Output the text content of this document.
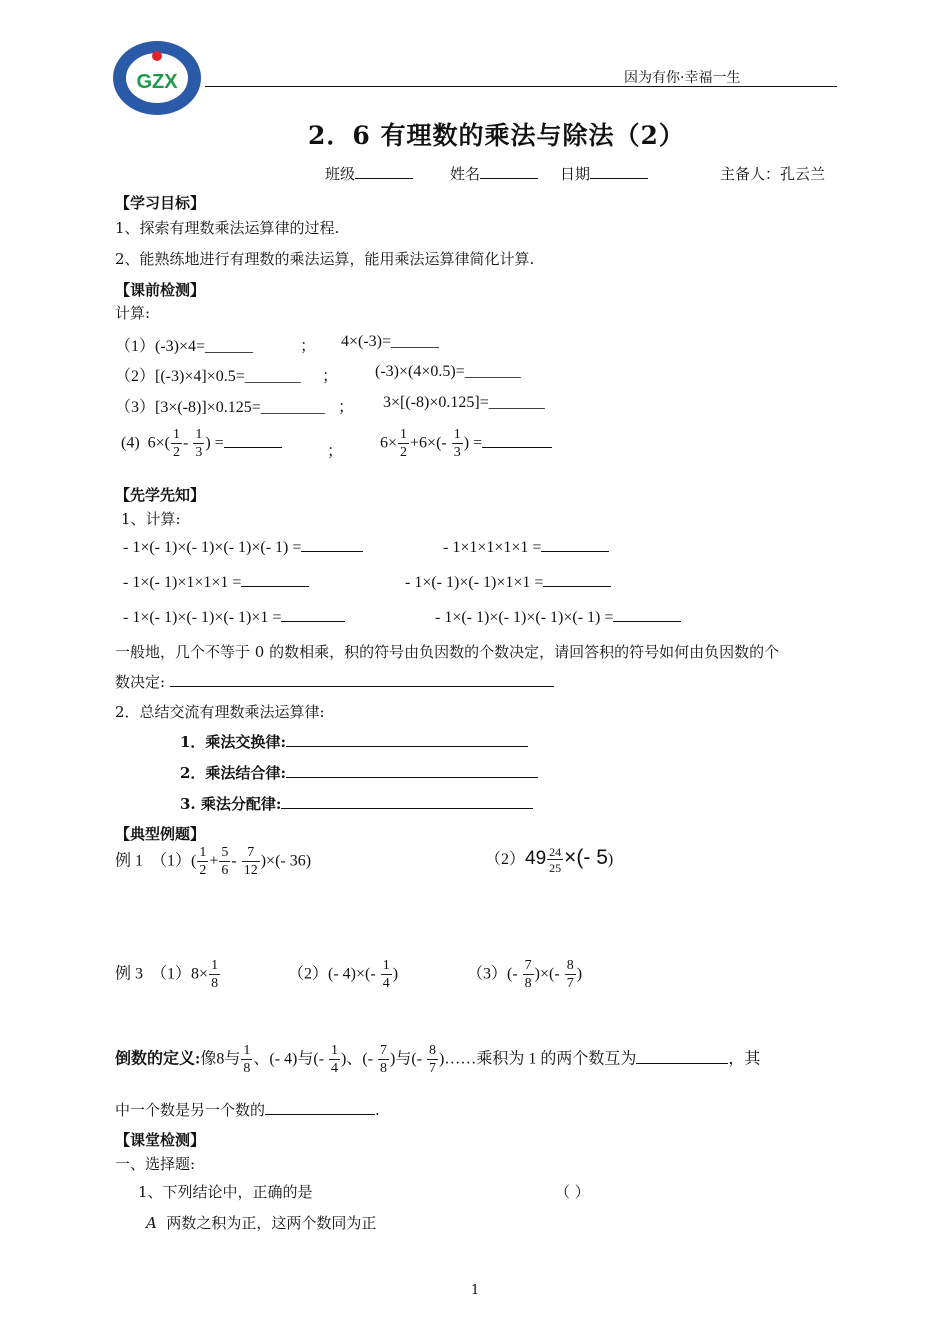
GZX	因为有你·幸福一生
2．6 有理数的乘法与除法（2）
班级	姓名	日期	主备人：孔云兰
【学习目标】
1、探索有理数乘法运算律的过程.
2、能熟练地进行有理数的乘法运算，能用乘法运算律简化计算.
【课前检测】
计算:
（1）(-3)×4=______	； 4×(-3)=______
（2）[(-3)×4]×0.5=_______ ； (-3)×(4×0.5)=_______
（3）[3×(-8)]×0.125=________ ； 3×[(-8)×0.125]=_______
(4)  $6\times( \frac{1}{2} - \frac{1}{3}$ ) =	； $6\times \frac{1}{2} +6\times(- \frac{1}{3}$ ) =
【先学先知】
1、计算:
- 1×(- 1)×(- 1)×(- 1)×(- 1) =	- 1×1×1×1×1 =
- 1×(- 1)×1×1×1 =	- 1×(- 1)×(- 1)×1×1 =
- 1×(- 1)×(- 1)×(- 1)×1 =	- 1×(- 1)×(- 1)×(- 1)×(- 1) =
一般地，几个不等于 0 的数相乘，积的符号由负因数的个数决定，请回答积的符号如何由负因数的个
数决定:
2．总结交流有理数乘法运算律:
1．乘法交换律:
2．乘法结合律:
3. 乘法分配律:
【典型例题】
例 1 $(1)( \frac{1}{2} + \frac{5}{6} - \frac{7}{12}$ )×(- 36)	$(2)49 \frac{24}{25}$ ×(- 5)
例 3 $(1)8\times \frac{1}{8}$	（2）(- $4)\times(- \frac{1}{4}$ )	$(3)(- \frac{7}{8}$ )×(- $\frac{8}{7}$ )
倒数的定义:像8与 $\frac{1}{8}$ 、(- 4)与(- $\frac{1}{4}$ )、(- $\frac{7}{8}$ )与(- $\frac{8}{7}$ )……乘积为 1 的两个数互为	，其
中一个数是另一个数的	.
【课堂检测】
一、选择题:
1、下列结论中，正确的是	（ ）
A 两数之积为正，这两个数同为正
1
